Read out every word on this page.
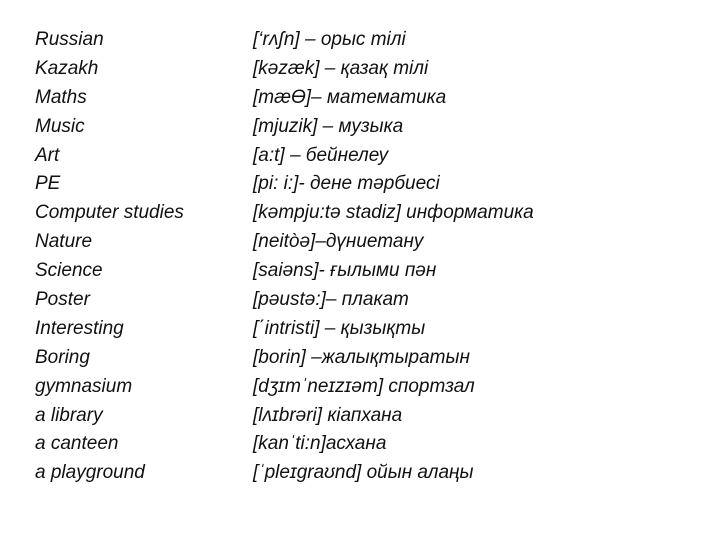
Russian	[‘rʌʃn] – орыс тілі
Kazakh	[kəzæk] – қазақ тілі
Maths	[mæƟ]– математика
Music	[mjuzik] – музыка
Art	[a:t] – бейнелеу
PE	[pi: i:]- дене тәрбиесі
Computer studies	[kəmpju:tə stadiz] информатика
Nature	[neitòə]–дүниетану
Science	[saiəns]- ғылыми пән
Poster	[pəustə:]– плакат
Interesting	[΄intristi] – қызықты
Boring	[borin] –жалықтыратын
gymnasium	[dʒɪmˈneɪzɪəm] спортзал
a library	[lʌɪbrəri] кіапхана
a canteen	[kanˈti:n]асхана
a playground	[ˈpleɪɡraʊnd] ойын алаңы
